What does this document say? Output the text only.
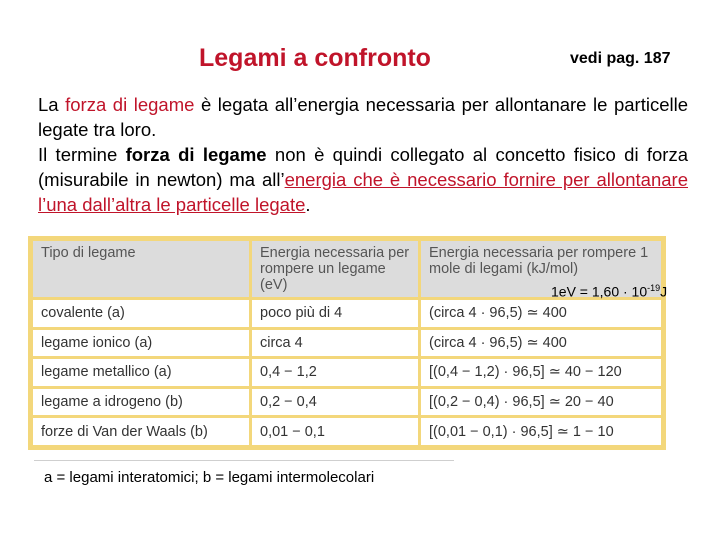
Legami a confronto	vedi pag. 187

La forza di legame è legata all’energia necessaria per allontanare le particelle legate tra loro.

Il termine forza di legame non è quindi collegato al concetto fisico di forza (misurabile in newton) ma all’energia che è necessario fornire per allontanare l’una dall’altra le particelle legate.

Tipo di legame	Energia necessaria per rompere un legame (eV)	Energia necessaria per rompere 1 mole di legami (kJ/mol)
covalente (a)	poco più di 4	(circa 4 · 96,5) ≃ 400
legame ionico (a)	circa 4	(circa 4 · 96,5) ≃ 400
legame metallico (a)	0,4 − 1,2	[(0,4 − 1,2) · 96,5] ≃ 40 − 120
legame a idrogeno (b)	0,2 − 0,4	[(0,2 − 0,4) · 96,5] ≃ 20 − 40
forze di Van der Waals (b)	0,01 − 0,1	[(0,01 − 0,1) · 96,5] ≃ 1 − 10
$1eV = 1,60 \cdot 10^{-19}J$
a = legami interatomici; b = legami intermolecolari
